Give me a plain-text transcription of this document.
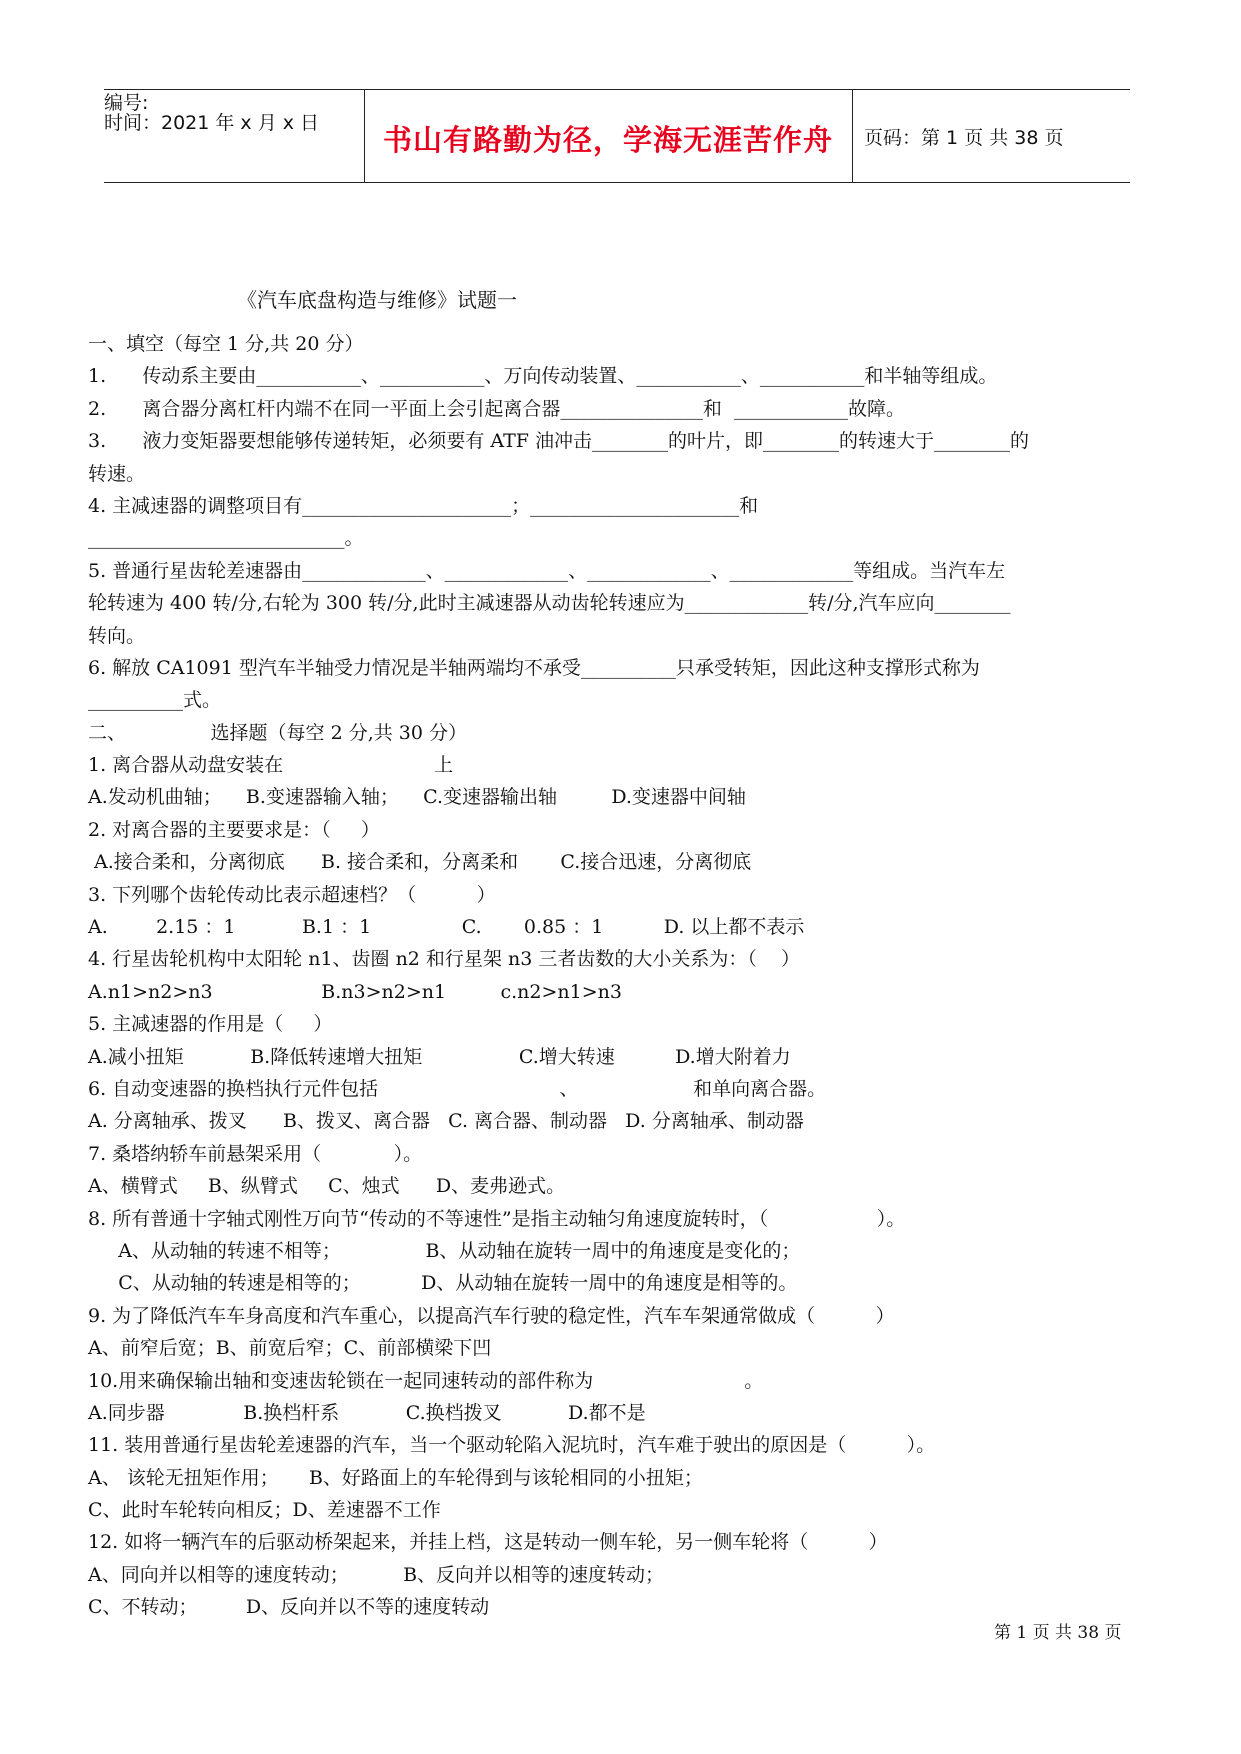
编号:
时间：2021 年 x 月 x 日	书山有路勤为径，学海无涯苦作舟	页码：第 1 页 共 38 页
《汽车底盘构造与维修》试题一
一、填空（每空 1 分,共 20 分）
1.      传动系主要由___________、___________、万向传动装置、___________、___________和半轴等组成。
2.      离合器分离杠杆内端不在同一平面上会引起离合器_______________和  ____________故障。
3.      液力变矩器要想能够传递转矩，必须要有 ATF 油冲击________的叶片，即________的转速大于________的
转速。
4. 主减速器的调整项目有______________________；______________________和
___________________________。
5. 普通行星齿轮差速器由_____________、_____________、_____________、_____________等组成。当汽车左
轮转速为 400 转/分,右轮为 300 转/分,此时主减速器从动齿轮转速应为_____________转/分,汽车应向________
转向。
6. 解放 CA1091 型汽车半轴受力情况是半轴两端均不承受__________只承受转矩，因此这种支撑形式称为
__________式。
二、              选择题（每空 2 分,共 30 分）
1. 离合器从动盘安装在                         上
A.发动机曲轴；    B.变速器输入轴；    C.变速器输出轴         D.变速器中间轴
2. 对离合器的主要要求是：（     ）
A.接合柔和，分离彻底      B. 接合柔和，分离柔和       C.接合迅速，分离彻底
3. 下列哪个齿轮传动比表示超速档？（          ）
A.        2.15 ：1           B.1 ：1               C.       0.85 ：1          D. 以上都不表示
4. 行星齿轮机构中太阳轮 n1、齿圈 n2 和行星架 n3 三者齿数的大小关系为：（    ）
A.n1>n2>n3                  B.n3>n2>n1         c.n2>n1>n3
5. 主减速器的作用是（     ）
A.减小扭矩           B.降低转速增大扭矩                C.增大转速          D.增大附着力
6. 自动变速器的换档执行元件包括                              、                   和单向离合器。
A. 分离轴承、拨叉      B、拨叉、离合器   C. 离合器、制动器   D. 分离轴承、制动器
7. 桑塔纳轿车前悬架采用（            ）。
A、横臂式     B、纵臂式     C、烛式      D、麦弗逊式。
8. 所有普通十字轴式刚性万向节“传动的不等速性”是指主动轴匀角速度旋转时，（                  ）。
A、从动轴的转速不相等；              B、从动轴在旋转一周中的角速度是变化的；
C、从动轴的转速是相等的；          D、从动轴在旋转一周中的角速度是相等的。
9. 为了降低汽车车身高度和汽车重心，以提高汽车行驶的稳定性，汽车车架通常做成（          ）
A、前窄后宽；B、前宽后窄；C、前部横梁下凹
10.用来确保输出轴和变速齿轮锁在一起同速转动的部件称为                         。
A.同步器             B.换档杆系           C.换档拨叉           D.都不是
11. 装用普通行星齿轮差速器的汽车，当一个驱动轮陷入泥坑时，汽车难于驶出的原因是（          ）。
A、 该轮无扭矩作用；     B、好路面上的车轮得到与该轮相同的小扭矩；
C、此时车轮转向相反；D、差速器不工作
12. 如将一辆汽车的后驱动桥架起来，并挂上档，这是转动一侧车轮，另一侧车轮将（          ）
A、同向并以相等的速度转动；         B、反向并以相等的速度转动；
C、不转动；        D、反向并以不等的速度转动
第 1 页 共 38 页
